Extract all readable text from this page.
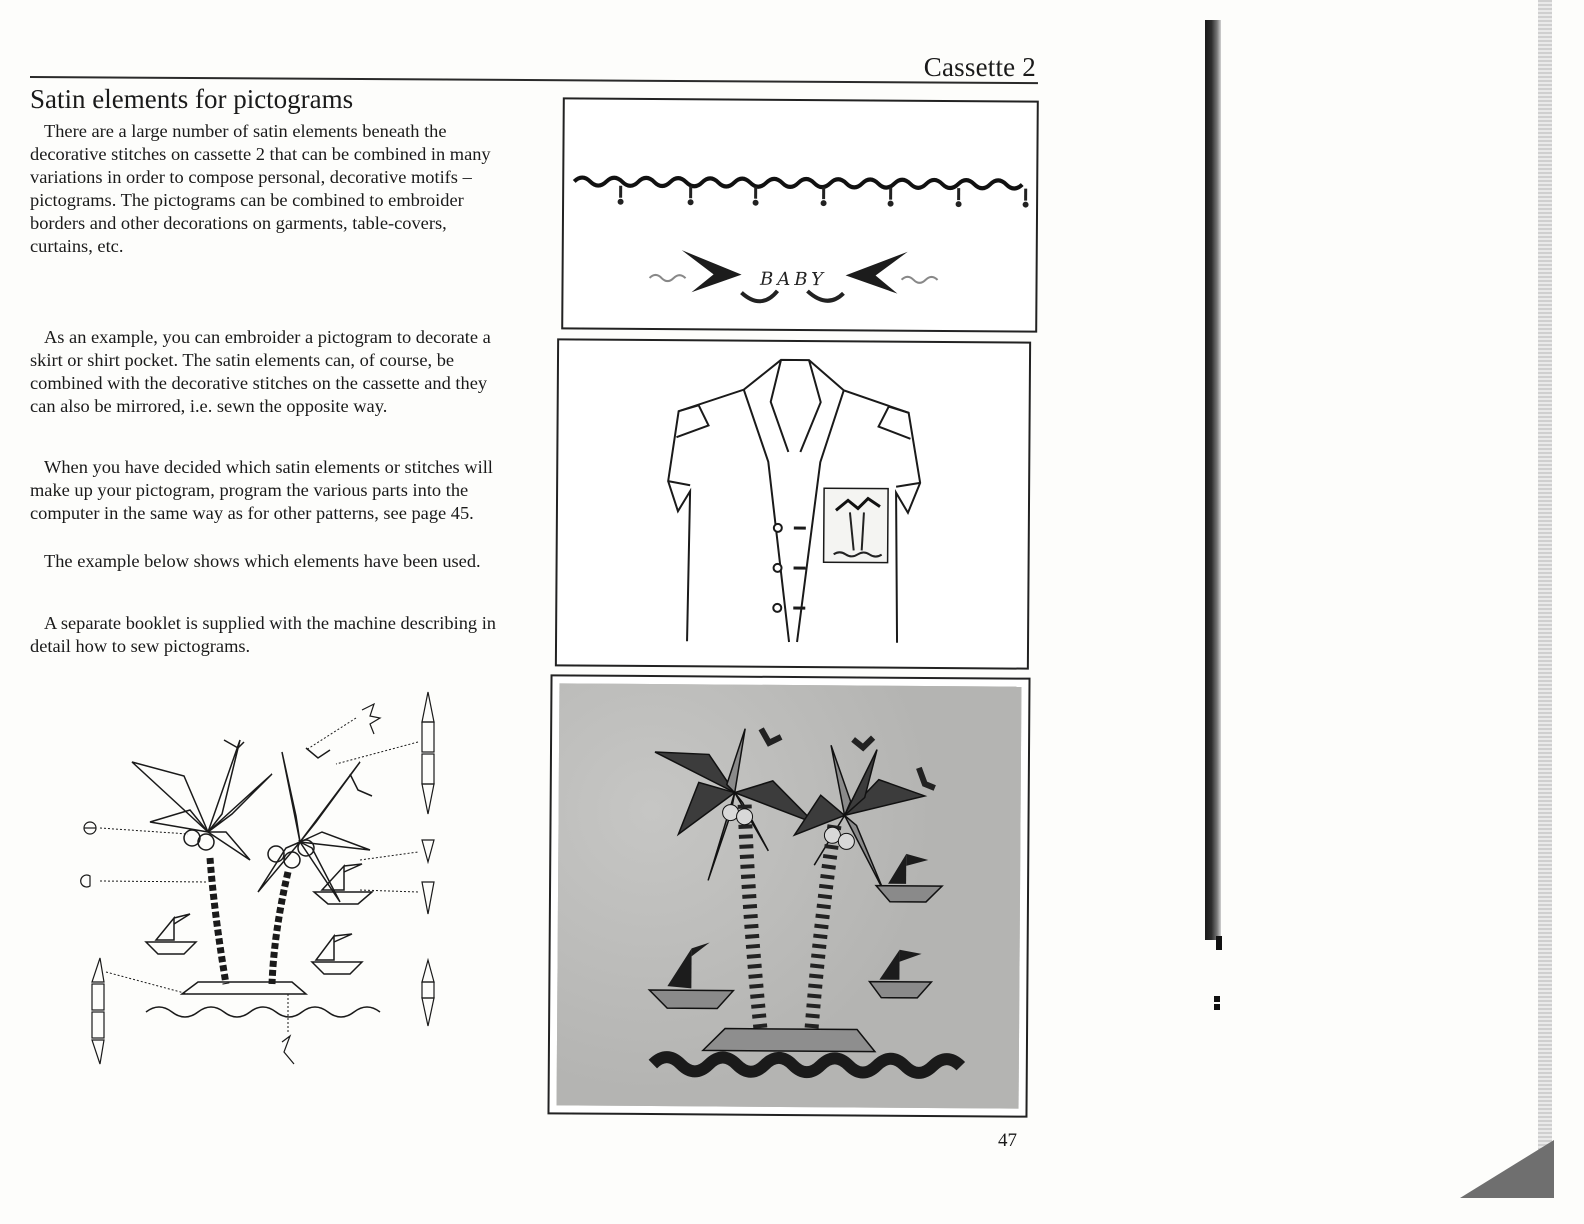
Cassette 2
Satin elements for pictograms

There are a large number of satin elements beneath the decorative stitches on cassette 2 that can be combined in many variations in order to compose personal, decorative motifs – pictograms. The pictograms can be combined to embroider borders and other decorations on garments, table-covers, curtains, etc.

As an example, you can embroider a pictogram to decorate a skirt or shirt pocket. The satin elements can, of course, be combined with the decorative stitches on the cassette and they can also be mirrored, i.e. sewn the opposite way.

When you have decided which satin elements or stitches will make up your pictogram, program the various parts into the computer in the same way as for other patterns, see page 45.

The example below shows which elements have been used.

A separate booklet is supplied with the machine describing in detail how to sew pictograms.

BABY

47
